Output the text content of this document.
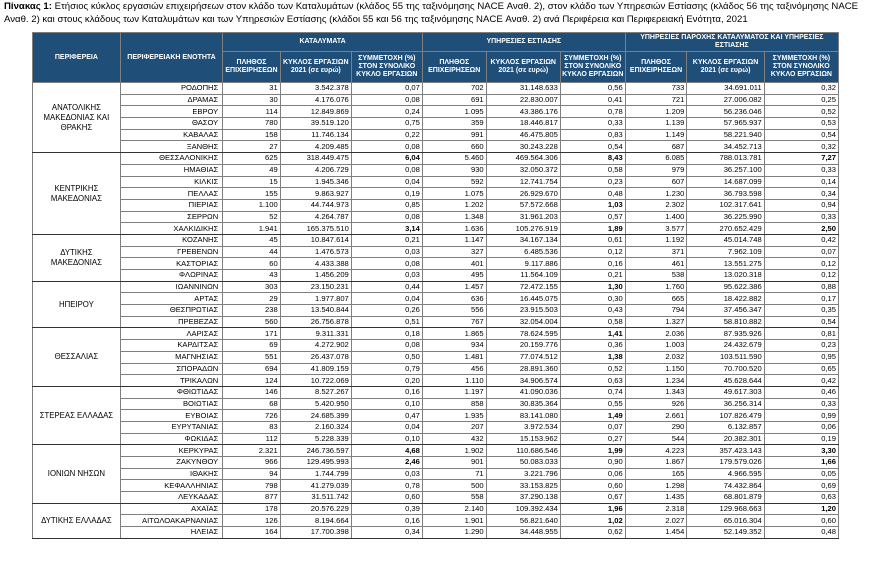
Πίνακας 1: Ετήσιος κύκλος εργασιών επιχειρήσεων στον κλάδο των Καταλυμάτων (κλάδος 55 της ταξινόμησης NACE Αναθ. 2), στον κλάδο των Υπηρεσιών Εστίασης (κλάδος 56 της ταξινόμησης NACE Αναθ. 2) και στους κλάδους των Καταλυμάτων και των Υπηρεσιών Εστίασης (κλάδοι 55 και 56 της ταξινόμησης NACE Αναθ. 2) ανά Περιφέρεια και Περιφερειακή Ενότητα, 2021
ΠΕΡΙΦΕΡΕΙΑ	ΠΕΡΙΦΕΡΕΙΑΚΗ ΕΝΟΤΗΤΑ	ΚΑΤΑΛΥΜΑΤΑ			ΥΠΗΡΕΣΙΕΣ ΕΣΤΙΑΣΗΣ			ΥΠΗΡΕΣΙΕΣ ΠΑΡΟΧΗΣ ΚΑΤΑΛΥΜΑΤΟΣ ΚΑΙ ΥΠΗΡΕΣΙΕΣ ΕΣΤΙΑΣΗΣ		
		ΠΛΗΘΟΣ ΕΠΙΧΕΙΡΗΣΕΩΝ	ΚΥΚΛΟΣ ΕΡΓΑΣΙΩΝ 2021 (σε ευρώ)	ΣΥΜΜΕΤΟΧΗ (%) ΣΤΟΝ ΣΥΝΟΛΙΚΟ ΚΥΚΛΟ ΕΡΓΑΣΙΩΝ	ΠΛΗΘΟΣ ΕΠΙΧΕΙΡΗΣΕΩΝ	ΚΥΚΛΟΣ ΕΡΓΑΣΙΩΝ 2021 (σε ευρώ)	ΣΥΜΜΕΤΟΧΗ (%) ΣΤΟΝ ΣΥΝΟΛΙΚΟ ΚΥΚΛΟ ΕΡΓΑΣΙΩΝ	ΠΛΗΘΟΣ ΕΠΙΧΕΙΡΗΣΕΩΝ	ΚΥΚΛΟΣ ΕΡΓΑΣΙΩΝ 2021 (σε ευρώ)	ΣΥΜΜΕΤΟΧΗ (%) ΣΤΟΝ ΣΥΝΟΛΙΚΟ ΚΥΚΛΟ ΕΡΓΑΣΙΩΝ
ΑΝΑΤΟΛΙΚΗΣ ΜΑΚΕΔΟΝΙΑΣ ΚΑΙ ΘΡΑΚΗΣ	ΡΟΔΟΠΗΣ	31	3.542.378	0,07	702	31.148.633	0,56	733	34.691.011	0,32
	ΔΡΑΜΑΣ	30	4.176.076	0,08	691	22.830.007	0,41	721	27.006.082	0,25
	ΕΒΡΟΥ	114	12.849.869	0,24	1.095	43.386.176	0,78	1.209	56.236.046	0,52
	ΘΑΣΟΥ	780	39.519.120	0,75	359	18.446.817	0,33	1.139	57.965.937	0,53
	ΚΑΒΑΛΑΣ	158	11.746.134	0,22	991	46.475.805	0,83	1.149	58.221.940	0,54
	ΞΑΝΘΗΣ	27	4.209.485	0,08	660	30.243.228	0,54	687	34.452.713	0,32
ΚΕΝΤΡΙΚΗΣ ΜΑΚΕΔΟΝΙΑΣ	ΘΕΣΣΑΛΟΝΙΚΗΣ	625	318.449.475	6,04	5.460	469.564.306	8,43	6.085	788.013.781	7,27
	ΗΜΑΘΙΑΣ	49	4.206.729	0,08	930	32.050.372	0,58	979	36.257.100	0,33
	ΚΙΛΚΙΣ	15	1.945.346	0,04	592	12.741.754	0,23	607	14.687.099	0,14
	ΠΕΛΛΑΣ	155	9.863.927	0,19	1.075	26.929.670	0,48	1.230	36.793.598	0,34
	ΠΙΕΡΙΑΣ	1.100	44.744.973	0,85	1.202	57.572.668	1,03	2.302	102.317.641	0,94
	ΣΕΡΡΩΝ	52	4.264.787	0,08	1.348	31.961.203	0,57	1.400	36.225.990	0,33
	ΧΑΛΚΙΔΙΚΗΣ	1.941	165.375.510	3,14	1.636	105.276.919	1,89	3.577	270.652.429	2,50
ΔΥΤΙΚΗΣ ΜΑΚΕΔΟΝΙΑΣ	ΚΟΖΑΝΗΣ	45	10.847.614	0,21	1.147	34.167.134	0,61	1.192	45.014.748	0,42
	ΓΡΕΒΕΝΩΝ	44	1.476.573	0,03	327	6.485.536	0,12	371	7.962.109	0,07
	ΚΑΣΤΟΡΙΑΣ	60	4.433.388	0,08	401	9.117.886	0,16	461	13.551.275	0,12
	ΦΛΩΡΙΝΑΣ	43	1.456.209	0,03	495	11.564.109	0,21	538	13.020.318	0,12
ΗΠΕΙΡΟΥ	ΙΩΑΝΝΙΝΩΝ	303	23.150.231	0,44	1.457	72.472.155	1,30	1.760	95.622.386	0,88
	ΑΡΤΑΣ	29	1.977.807	0,04	636	16.445.075	0,30	665	18.422.882	0,17
	ΘΕΣΠΡΩΤΙΑΣ	238	13.540.844	0,26	556	23.915.503	0,43	794	37.456.347	0,35
	ΠΡΕΒΕΖΑΣ	560	26.756.878	0,51	767	32.054.004	0,58	1.327	58.810.882	0,54
ΘΕΣΣΑΛΙΑΣ	ΛΑΡΙΣΑΣ	171	9.311.331	0,18	1.865	78.624.595	1,41	2.036	87.935.926	0,81
	ΚΑΡΔΙΤΣΑΣ	69	4.272.902	0,08	934	20.159.776	0,36	1.003	24.432.679	0,23
	ΜΑΓΝΗΣΙΑΣ	551	26.437.078	0,50	1.481	77.074.512	1,38	2.032	103.511.590	0,95
	ΣΠΟΡΑΔΩΝ	694	41.809.159	0,79	456	28.891.360	0,52	1.150	70.700.520	0,65
	ΤΡΙΚΑΛΩΝ	124	10.722.069	0,20	1.110	34.906.574	0,63	1.234	45.628.644	0,42
ΣΤΕΡΕΑΣ ΕΛΛΑΔΑΣ	ΦΘΙΩΤΙΔΑΣ	146	8.527.267	0,16	1.197	41.090.036	0,74	1.343	49.617.303	0,46
	ΒΟΙΩΤΙΑΣ	68	5.420.950	0,10	858	30.835.364	0,55	926	36.256.314	0,33
	ΕΥΒΟΙΑΣ	726	24.685.399	0,47	1.935	83.141.080	1,49	2.661	107.826.479	0,99
	ΕΥΡΥΤΑΝΙΑΣ	83	2.160.324	0,04	207	3.972.534	0,07	290	6.132.857	0,06
	ΦΩΚΙΔΑΣ	112	5.228.339	0,10	432	15.153.962	0,27	544	20.382.301	0,19
ΙΟΝΙΩΝ ΝΗΣΩΝ	ΚΕΡΚΥΡΑΣ	2.321	246.736.597	4,68	1.902	110.686.546	1,99	4.223	357.423.143	3,30
	ΖΑΚΥΝΘΟΥ	966	129.495.993	2,46	901	50.083.033	0,90	1.867	179.579.026	1,66
	ΙΘΑΚΗΣ	94	1.744.799	0,03	71	3.221.796	0,06	165	4.966.595	0,05
	ΚΕΦΑΛΛΗΝΙΑΣ	798	41.279.039	0,78	500	33.153.825	0,60	1.298	74.432.864	0,69
	ΛΕΥΚΑΔΑΣ	877	31.511.742	0,60	558	37.290.138	0,67	1.435	68.801.879	0,63
ΔΥΤΙΚΗΣ ΕΛΛΑΔΑΣ	ΑΧΑΪΑΣ	178	20.576.229	0,39	2.140	109.392.434	1,96	2.318	129.968.663	1,20
	ΑΙΤΩΛΟΑΚΑΡΝΑΝΙΑΣ	126	8.194.664	0,16	1.901	56.821.640	1,02	2.027	65.016.304	0,60
	ΗΛΕΙΑΣ	164	17.700.398	0,34	1.290	34.448.955	0,62	1.454	52.149.352	0,48
